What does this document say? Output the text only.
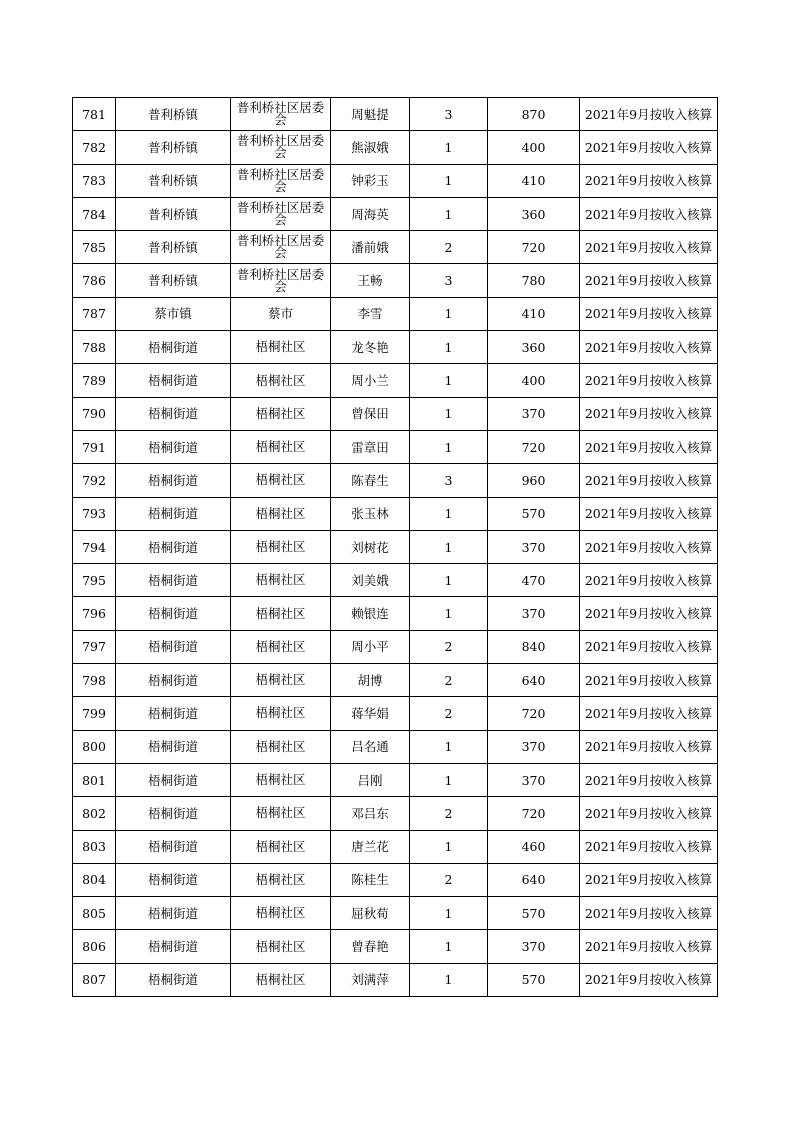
781	普利桥镇	普利桥社区居委会	周魁提	3	870	2021年9月按收入核算
782	普利桥镇	普利桥社区居委会	熊淑娥	1	400	2021年9月按收入核算
783	普利桥镇	普利桥社区居委会	钟彩玉	1	410	2021年9月按收入核算
784	普利桥镇	普利桥社区居委会	周海英	1	360	2021年9月按收入核算
785	普利桥镇	普利桥社区居委会	潘前娥	2	720	2021年9月按收入核算
786	普利桥镇	普利桥社区居委会	王畅	3	780	2021年9月按收入核算
787	蔡市镇	蔡市	李雪	1	410	2021年9月按收入核算
788	梧桐街道	梧桐社区	龙冬艳	1	360	2021年9月按收入核算
789	梧桐街道	梧桐社区	周小兰	1	400	2021年9月按收入核算
790	梧桐街道	梧桐社区	曾保田	1	370	2021年9月按收入核算
791	梧桐街道	梧桐社区	雷章田	1	720	2021年9月按收入核算
792	梧桐街道	梧桐社区	陈春生	3	960	2021年9月按收入核算
793	梧桐街道	梧桐社区	张玉林	1	570	2021年9月按收入核算
794	梧桐街道	梧桐社区	刘树花	1	370	2021年9月按收入核算
795	梧桐街道	梧桐社区	刘美娥	1	470	2021年9月按收入核算
796	梧桐街道	梧桐社区	赖银连	1	370	2021年9月按收入核算
797	梧桐街道	梧桐社区	周小平	2	840	2021年9月按收入核算
798	梧桐街道	梧桐社区	胡博	2	640	2021年9月按收入核算
799	梧桐街道	梧桐社区	蒋华娟	2	720	2021年9月按收入核算
800	梧桐街道	梧桐社区	吕名通	1	370	2021年9月按收入核算
801	梧桐街道	梧桐社区	吕刚	1	370	2021年9月按收入核算
802	梧桐街道	梧桐社区	邓吕东	2	720	2021年9月按收入核算
803	梧桐街道	梧桐社区	唐兰花	1	460	2021年9月按收入核算
804	梧桐街道	梧桐社区	陈桂生	2	640	2021年9月按收入核算
805	梧桐街道	梧桐社区	屈秋荀	1	570	2021年9月按收入核算
806	梧桐街道	梧桐社区	曾春艳	1	370	2021年9月按收入核算
807	梧桐街道	梧桐社区	刘满萍	1	570	2021年9月按收入核算
